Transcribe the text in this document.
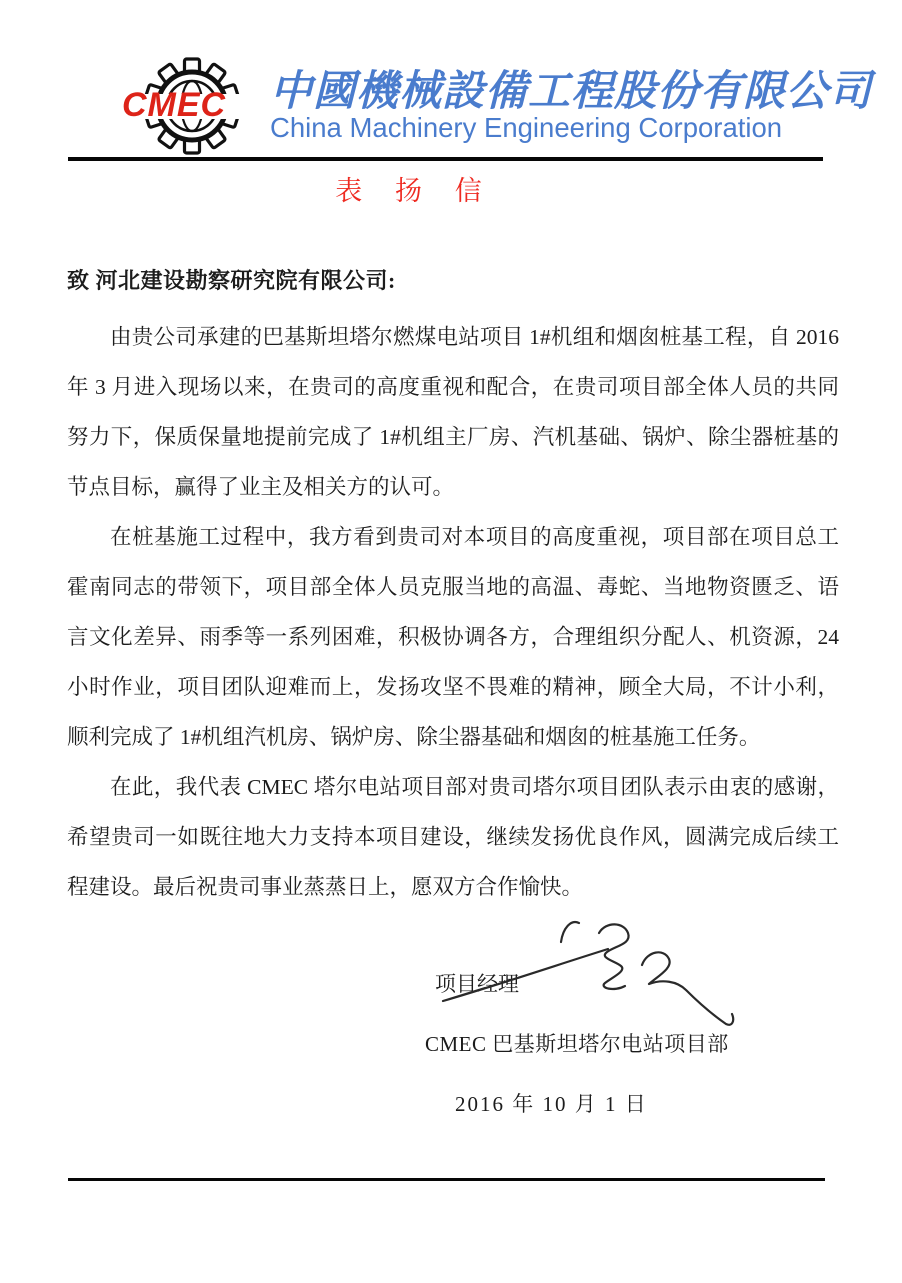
CMEC 中國機械設備工程股份有限公司
China Machinery Engineering Corporation
表 扬 信
致 河北建设勘察研究院有限公司:

由贵公司承建的巴基斯坦塔尔燃煤电站项目 1#机组和烟囱桩基工程，自 2016 年 3 月进入现场以来，在贵司的高度重视和配合，在贵司项目部全体人员的共同努力下，保质保量地提前完成了 1#机组主厂房、汽机基础、锅炉、除尘器桩基的节点目标，赢得了业主及相关方的认可。

在桩基施工过程中，我方看到贵司对本项目的高度重视，项目部在项目总工霍南同志的带领下，项目部全体人员克服当地的高温、毒蛇、当地物资匮乏、语言文化差异、雨季等一系列困难，积极协调各方，合理组织分配人、机资源，24 小时作业，项目团队迎难而上，发扬攻坚不畏难的精神，顾全大局，不计小利，顺利完成了 1#机组汽机房、锅炉房、除尘器基础和烟囱的桩基施工任务。

在此，我代表 CMEC 塔尔电站项目部对贵司塔尔项目团队表示由衷的感谢，希望贵司一如既往地大力支持本项目建设，继续发扬优良作风，圆满完成后续工程建设。最后祝贵司事业蒸蒸日上，愿双方合作愉快。

项目经理
CMEC 巴基斯坦塔尔电站项目部
2016 年 10 月 1 日
